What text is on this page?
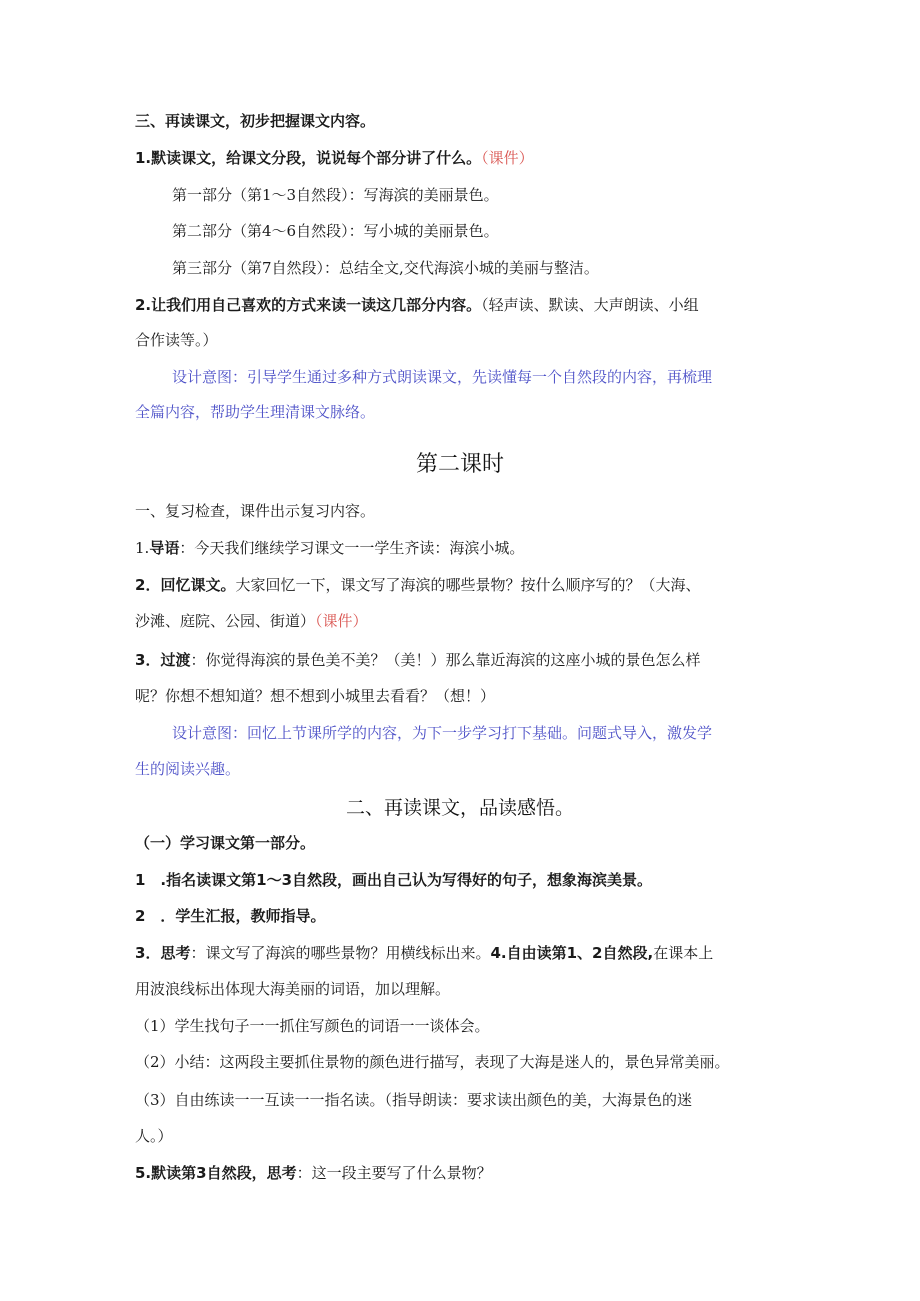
三、再读课文，初步把握课文内容。
1.默读课文，给课文分段，说说每个部分讲了什么。（课件）
第一部分（第1〜3自然段）：写海滨的美丽景色。
第二部分（第4〜6自然段）：写小城的美丽景色。
第三部分（第7自然段）：总结全文,交代海滨小城的美丽与整洁。
2.让我们用自己喜欢的方式来读一读这几部分内容。（轻声读、默读、大声朗读、小组
合作读等。）
设计意图：引导学生通过多种方式朗读课文，先读懂每一个自然段的内容，再梳理
全篇内容，帮助学生理清课文脉络。
第二课时
一、复习检查，课件出示复习内容。
1.导语：今天我们继续学习课文一一学生齐读：海滨小城。
2．回忆课文。大家回忆一下，课文写了海滨的哪些景物？按什么顺序写的？（大海、
沙滩、庭院、公园、街道）（课件）
3．过渡：你觉得海滨的景色美不美？（美！）那么靠近海滨的这座小城的景色怎么样
呢？你想不想知道？想不想到小城里去看看？（想！）
设计意图：回忆上节课所学的内容，为下一步学习打下基础。问题式导入，激发学
生的阅读兴趣。
二、再读课文，品读感悟。
（一）学习课文第一部分。
1　.指名读课文第1〜3自然段，画出自己认为写得好的句子，想象海滨美景。
2　．学生汇报，教师指导。
3．思考：课文写了海滨的哪些景物？用横线标出来。4.自由读第1、2自然段,在课本上
用波浪线标出体现大海美丽的词语，加以理解。
（1）学生找句子一一抓住写颜色的词语一一谈体会。
（2）小结：这两段主要抓住景物的颜色进行描写，表现了大海是迷人的，景色异常美丽。
（3）自由练读一一互读一一指名读。（指导朗读：要求读出颜色的美，大海景色的迷
人。）
5.默读第3自然段，思考：这一段主要写了什么景物？
